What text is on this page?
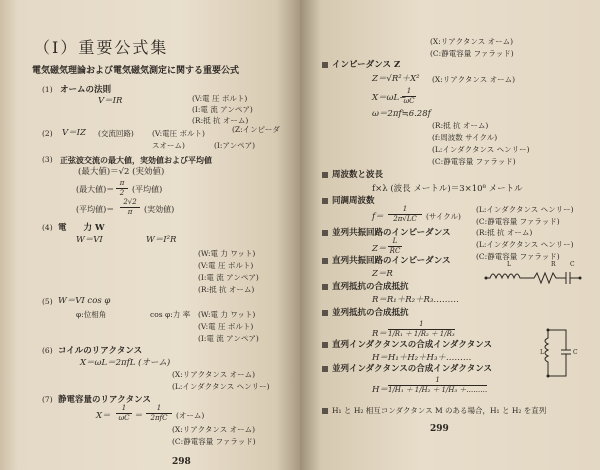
（Ⅰ）重要公式集
電気磁気理論および電気磁気測定に関する重要公式
(1) オームの法則
V＝IR	(V:電 圧 ボルト)
(I:電 流 アンペア)
(R:抵 抗 オーム)
(2) V＝IZ (交流回路) (V:電圧 ボルト)	(Z:インピーダ
スオーム)	(I:アンペア)
(3) 正弦波交流の最大値，実効値および平均値
(最大値)＝√2 (実効値)
(最大値)＝
π
2 (平均値)
(平均値)＝
2√2
π (実効値)
(4) 電　　力 W
W＝VI	W＝I²R
(W:電 力 ワット)
(V:電 圧 ボルト)
(I:電 流 アンペア)
(R:抵 抗 オーム)
(5) W＝VI cos φ
φ:位相角	cos φ:力 率 (W:電 力 ワット)
(V:電 圧 ボルト)
(I:電 流 アンペア)
(6) コイルのリアクタンス
X＝ωL＝2πfL (オーム)
(X:リアクタンス オーム)
(L:インダクタンス ヘンリー)
(7) 静電容量のリアクタンス
X＝
1
ωC ＝
1
2πfC (オーム)
(X:リアクタンス オーム)
(C:静電容量 ファラッド)
298
(X:リアクタンス オーム)
(C:静電容量 ファラッド)
インピーダンス Z
Z＝√R²＋X² (X:リアクタンス オーム)
X＝ωL−
1
ωC
ω＝2πf≒6.28f
(R:抵 抗 オーム)
(f:周波数 サイクル)
(L:インダクタンス ヘンリー)
(C:静電容量 ファラッド)
周波数と波長
f×λ (波長 メートル)＝3×10⁸ メートル
同調周波数
f＝
1
2π√LC (サイクル)
(L:インダクタンス ヘンリー)
(C:静電容量 ファラッド)
並列共振回路のインピーダンス
Z＝
L
RC
(R:抵 抗 オーム)
(L:インダクタンス ヘンリー)
(C:静電容量 ファラッド)
直列共振回路のインピーダンス
Z＝R
L	R C
直列抵抗の合成抵抗
R＝R₁＋R₂＋R₃………
並列抵抗の合成抵抗
R＝
1
1/R₁ ＋ 1/R₂ ＋ 1/R₃
直列インダクタンスの合成インダクタンス
H＝H₁＋H₂＋H₃＋………
L	C
並列インダクタンスの合成インダクタンス
H＝
1
1/H₁ ＋ 1/H₂ ＋ 1/H₃ ＋………
H₁ と H₂ 相互コンダクタンス M のある場合，H₁ と H₂ を直列
299
